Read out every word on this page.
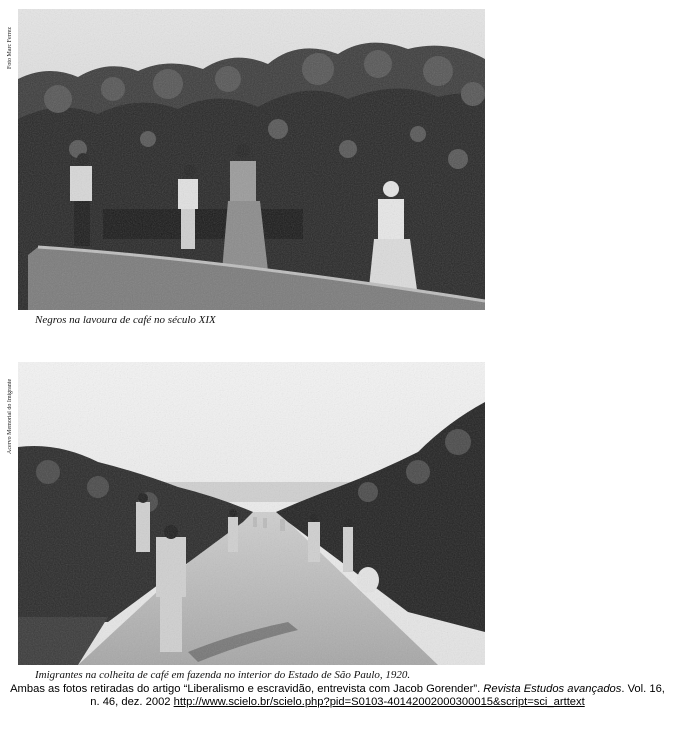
Foto Marc Ferrez
Negros na lavoura de café no século XIX
Acervo Memorial do Imigrante
Imigrantes na colheita de café em fazenda no interior do Estado de São Paulo, 1920.
Ambas as fotos retiradas do artigo “Liberalismo e escravidão, entrevista com Jacob Gorender”. Revista Estudos avançados. Vol. 16, n. 46, dez. 2002 http://www.scielo.br/scielo.php?pid=S0103-40142002000300015&script=sci_arttext
